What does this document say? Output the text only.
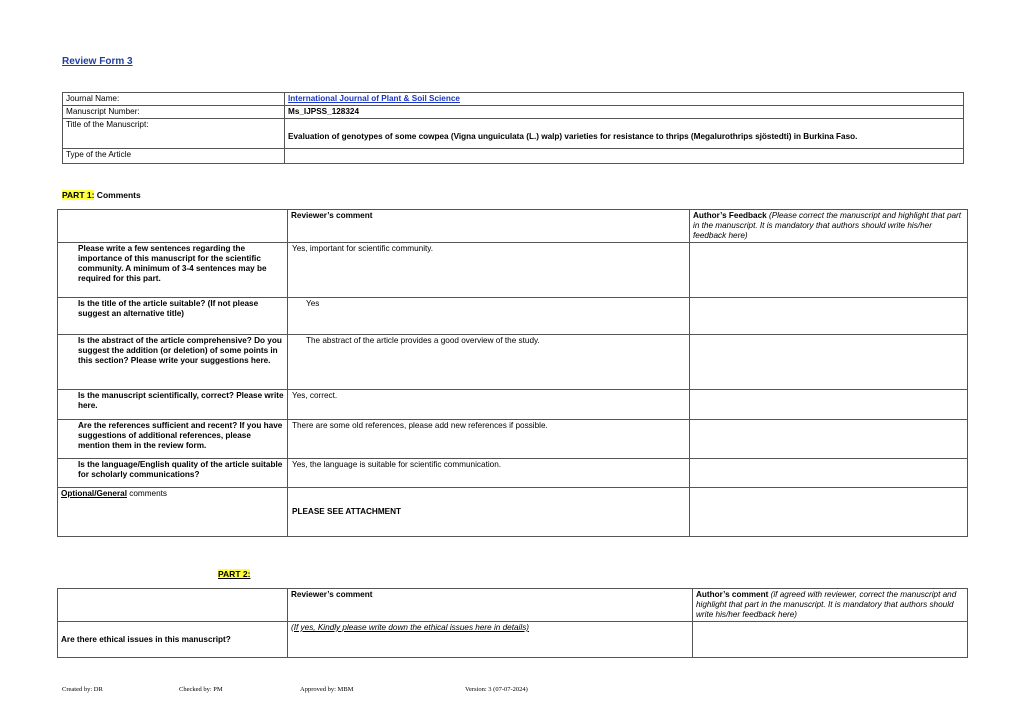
Review Form 3
Journal Name:	International Journal of Plant & Soil Science
Manuscript Number:	Ms_IJPSS_128324
Title of the Manuscript:	Evaluation of genotypes of some cowpea (Vigna unguiculata (L.) walp) varieties for resistance to thrips (Megalurothrips sjöstedti) in Burkina Faso.
Type of the Article	
PART 1: Comments
	Reviewer’s comment	Author’s Feedback (Please correct the manuscript and highlight that part in the manuscript. It is mandatory that authors should write his/her feedback here)
Please write a few sentences regarding the importance of this manuscript for the scientific community. A minimum of 3-4 sentences may be required for this part.	Yes, important for scientific community.	
Is the title of the article suitable? (If not please suggest an alternative title)	Yes	
Is the abstract of the article comprehensive? Do you suggest the addition (or deletion) of some points in this section? Please write your suggestions here.	The abstract of the article provides a good overview of the study.	
Is the manuscript scientifically, correct? Please write here.	Yes, correct.	
Are the references sufficient and recent? If you have suggestions of additional references, please mention them in the review form.	There are some old references, please add new references if possible.	
Is the language/English quality of the article suitable for scholarly communications?	Yes, the language is suitable for scientific communication.	
Optional/General comments	PLEASE SEE ATTACHMENT	
PART 2:
	Reviewer’s comment	Author’s comment (if agreed with reviewer, correct the manuscript and highlight that part in the manuscript. It is mandatory that authors should write his/her feedback here)
Are there ethical issues in this manuscript?	(If yes, Kindly please write down the ethical issues here in details)	
Created by: DR	Checked by: PM	Approved by: MBM	Version: 3 (07-07-2024)
